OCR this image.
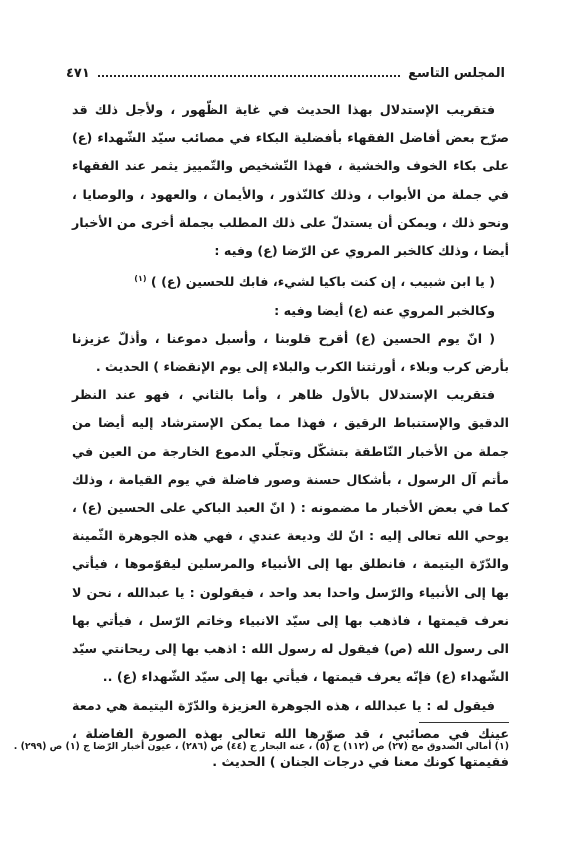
المجلس التاسع
٤٧١

فتقريب الإستدلال بهذا الحديث في غاية الظّهور ، ولأجل ذلك قد صرّح بعض أفاضل الفقهاء بأفضلية البكاء في مصائب سيّد الشّهداء (ع) على بكاء الخوف والخشية ، فهذا التّشخيص والتّمييز يثمر عند الفقهاء في جملة من الأبواب ، وذلك كالنّذور ، والأيمان ، والعهود ، والوصايا ، ونحو ذلك ، ويمكن أن يستدلّ على ذلك المطلب بجملة أخرى من الأخبار أيضا ، وذلك كالخبر المروي عن الرّضا (ع) وفيه :

( يا ابن شبيب ، إن كنت باكيا لشيء، فابك للحسين (ع) ) $^{(١)}$

وكالخبر المروي عنه (ع) أيضا وفيه :

( انّ يوم الحسين (ع) أقرح قلوبنا ، وأسبل دموعنا ، وأذلّ عزيزنا بأرض كرب وبلاء ، أورثتنا الكرب والبلاء إلى يوم الإنقضاء ) الحديث .

فتقريب الإستدلال بالأول ظاهر ، وأما بالثاني ، فهو عند النظر الدقيق والإستنباط الرقيق ، فهذا مما يمكن الإسترشاد إليه أيضا من جملة من الأخبار النّاطقة بتشكّل وتجلّي الدموع الخارجة من العين في مأتم آل الرسول ، بأشكال حسنة وصور فاضلة في يوم القيامة ، وذلك كما في بعض الأخبار ما مضمونه : ( انّ العبد الباكي على الحسين (ع) ، يوحي الله تعالى إليه : انّ لك وديعة عندي ، فهي هذه الجوهرة الثّمينة والدّرّة اليتيمة ، فانطلق بها إلى الأنبياء والمرسلين ليقوّموها ، فيأتي بها إلى الأنبياء والرّسل واحدا بعد واحد ، فيقولون : يا عبدالله ، نحن لا نعرف قيمتها ، فاذهب بها إلى سيّد الانبياء وخاتم الرّسل ، فيأتي بها الى رسول الله (ص) فيقول له رسول الله : اذهب بها إلى ريحانتي سيّد الشّهداء (ع) فإنّه يعرف قيمتها ، فيأتي بها إلى سيّد الشّهداء (ع) ..

فيقول له : يا عبدالله ، هذه الجوهرة العزيزة والدّرّة اليتيمة هي دمعة عينك في مصائبي ، قد صوّرها الله تعالى بهذه الصورة الفاضلة ، فقيمتها كونك معنا في درجات الجنان ) الحديث .

(١) أمالي الصدوق مج (٢٧) ص (١١٢) ح (٥) ، عنه البحار ج (٤٤) ص (٢٨٦) ، عيون أخبار الرّضا ج (١) ص (٢٩٩) .
